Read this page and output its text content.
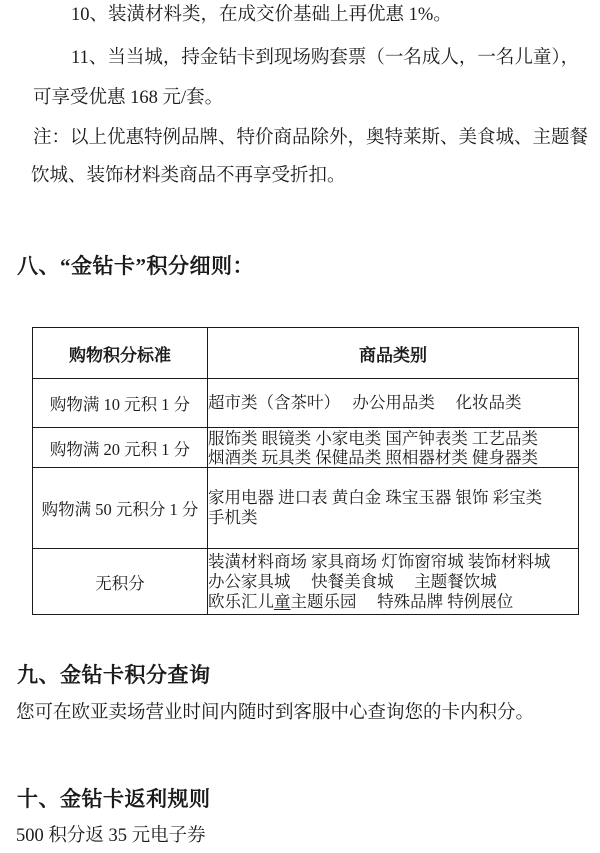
10、装潢材料类，在成交价基础上再优惠 1%。
11、当当城，持金钻卡到现场购套票（一名成人，一名儿童），
可享受优惠 168 元/套。
注：以上优惠特例品牌、特价商品除外，奥特莱斯、美食城、主题餐
饮城、装饰材料类商品不再享受折扣。
八、“金钻卡”积分细则：
购物积分标准	商品类别
购物满 10 元积 1 分	超市类（含茶叶）　 办公用品类　 化妆品类

购物满 20 元积 1 分	服饰类 眼镜类 小家电类 国产钟表类 工艺品类
烟酒类 玩具类 保健品类 照相器材类 健身器类

购物满 50 元积分 1 分	家用电器 进口表 黄白金 珠宝玉器 银饰 彩宝类
手机类

无积分	装潢材料商场 家具商场 灯饰窗帘城 装饰材料城
办公家具城　 快餐美食城　 主题餐饮城
欧乐汇儿童主题乐园　 特殊品牌 特例展位
九、金钻卡积分查询
您可在欧亚卖场营业时间内随时到客服中心查询您的卡内积分。
十、金钻卡返利规则
500 积分返 35 元电子券
